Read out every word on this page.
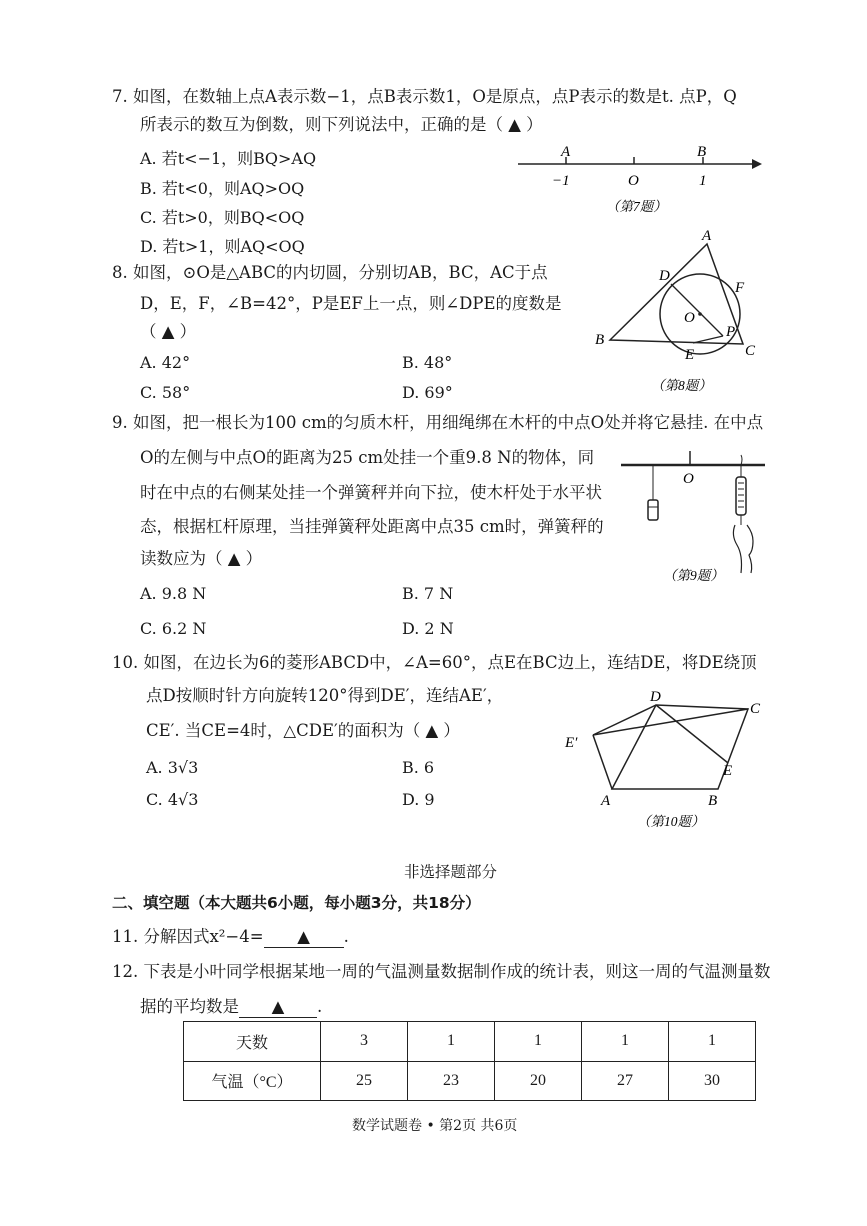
7. 如图，在数轴上点A表示数−1，点B表示数1，O是原点，点P表示的数是t. 点P，Q
所表示的数互为倒数，则下列说法中，正确的是（ ▲ ）
A. 若t<−1，则BQ>AQ
B. 若t<0，则AQ>OQ
C. 若t>0，则BQ<OQ
D. 若t>1，则AQ<OQ
A	B
−1	O	1
（第7题）
8. 如图，⊙O是△ABC的内切圆，分别切AB，BC，AC于点
D，E，F，∠B=42°，P是EF上一点，则∠DPE的度数是
（ ▲ ）
A. 42°	B. 48°
C. 58°	D. 69°
A
D
F
O
P
B
E	C
（第8题）
9. 如图，把一根长为100 cm的匀质木杆，用细绳绑在木杆的中点O处并将它悬挂. 在中点
O的左侧与中点O的距离为25 cm处挂一个重9.8 N的物体，同
时在中点的右侧某处挂一个弹簧秤并向下拉，使木杆处于水平状
态，根据杠杆原理，当挂弹簧秤处距离中点35 cm时，弹簧秤的
读数应为（ ▲ ）
A. 9.8 N	B. 7 N
C. 6.2 N	D. 2 N
O
（第9题）
10. 如图，在边长为6的菱形ABCD中，∠A=60°，点E在BC边上，连结DE，将DE绕顶
点D按顺时针方向旋转120°得到DE′，连结AE′，
CE′. 当CE=4时，△CDE′的面积为（ ▲ ）
A. 3√3	B. 6
C. 4√3	D. 9
D
C
E′
E
A	B
（第10题）
非选择题部分
二、填空题（本大题共6小题，每小题3分，共18分）
11. 分解因式x²−4= ▲ .
12. 下表是小叶同学根据某地一周的气温测量数据制作成的统计表，则这一周的气温测量数
据的平均数是 ▲ .
天数	3	1	1	1	1
气温（°C）	25	23	20	27	30
数学试题卷 • 第2页 共6页
